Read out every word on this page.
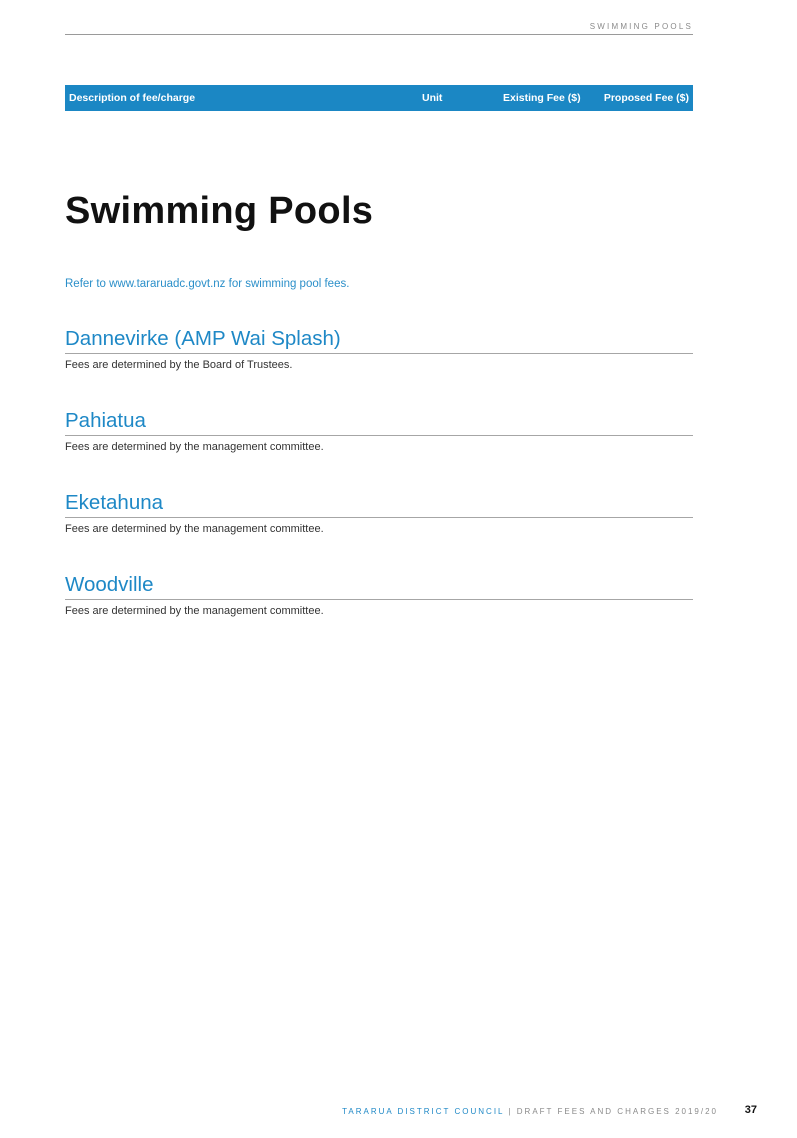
SWIMMING POOLS
Description of fee/charge	Unit	Existing Fee ($) Proposed Fee ($)
Swimming Pools
Refer to www.tararuadc.govt.nz for swimming pool fees.
Dannevirke (AMP Wai Splash)

Fees are determined by the Board of Trustees.

Pahiatua

Fees are determined by the management committee.

Eketahuna

Fees are determined by the management committee.

Woodville

Fees are determined by the management committee.

TARARUA DISTRICT COUNCIL | DRAFT FEES AND CHARGES 2019/20 37
